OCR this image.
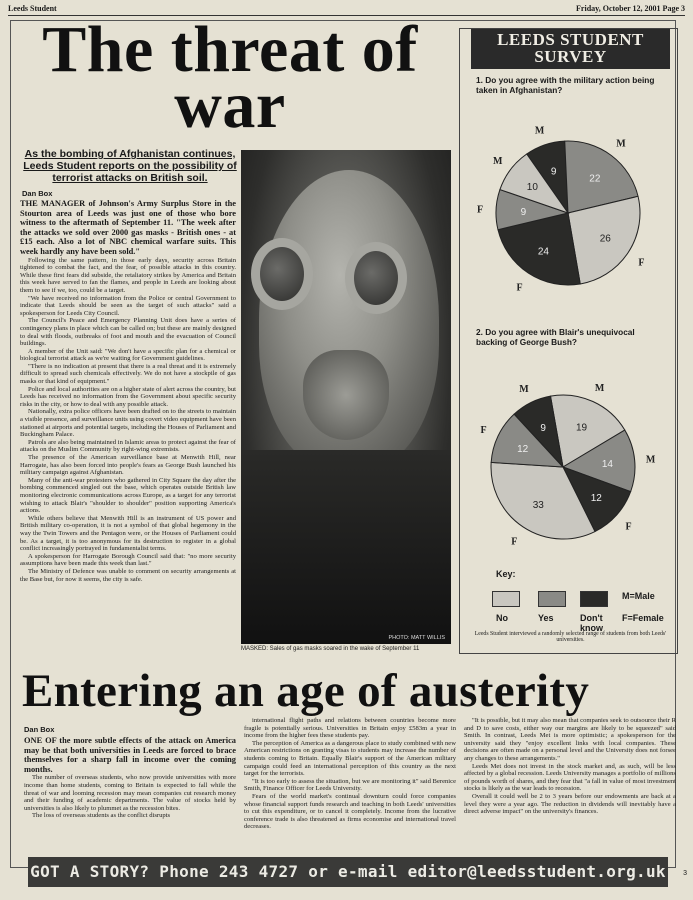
Leeds Student	Friday, October 12, 2001 Page 3
The threat of war
As the bombing of Afghanistan continues, Leeds Student reports on the possibility of terrorist attacks on British soil.
Dan Box

THE MANAGER of Johnson's Army Surplus Store in the Stourton area of Leeds was just one of those who bore witness to the aftermath of September 11. "The week after the attacks we sold over 2000 gas masks - British ones - at £15 each. Also a lot of NBC chemical warfare suits. This week hardly any have been sold."

Following the same pattern, in those early days, security across Britain tightened to combat the fact, and the fear, of possible attacks in this country. While these first fears did subside, the retaliatory strikes by America and Britain this week have served to fan the flames, and people in Leeds are looking about them to see if we, too, could be a target.

"We have received no information from the Police or central Government to indicate that Leeds should be seen as the target of such attacks" said a spokesperson for Leeds City Council.

The Council's Peace and Emergency Planning Unit does have a series of contingency plans in place which can be called on; but these are mainly designed to deal with floods, outbreaks of foot and mouth and the evacuation of Council buildings.

A member of the Unit said: "We don't have a specific plan for a chemical or biological terrorist attack as we're waiting for Government guidelines.

"There is no indication at present that there is a real threat and it is extremely difficult to spread such chemicals effectively. We do not have a stockpile of gas masks or that kind of equipment."

Police and local authorities are on a higher state of alert across the country, but Leeds has received no information from the Government about specific security risks in the city, or how to deal with any possible attack.

Nationally, extra police officers have been drafted on to the streets to maintain a visible presence, and surveillance units using covert video equipment have been stationed at airports and potential targets, including the Houses of Parliament and Buckingham Palace.

Patrols are also being maintained in Islamic areas to protect against the fear of attacks on the Muslim Community by right-wing extremists.

The presence of the American surveillance base at Menwith Hill, near Harrogate, has also been forced into people's fears as George Bush launched his military campaign against Afghanistan.

Many of the anti-war protesters who gathered in City Square the day after the bombing commenced singled out the base, which operates outside British law monitoring electronic communications across Europe, as a target for any terrorist wishing to attack Blair's "shoulder to shoulder" position supporting America's actions.

While others believe that Menwith Hill is an instrument of US power and British military co-operation, it is not a symbol of that global hegemony in the way the Twin Towers and the Pentagon were, or the Houses of Parliament could be. As a target, it is too anonymous for its destruction to register in a global conflict increasingly portrayed in fundamentalist terms.

A spokesperson for Harrogate Borough Council said that: "no more security assumptions have been made this week than last."

The Ministry of Defence was unable to comment on security arrangements at the Base but, for now it seems, the city is safe.

PHOTO: MATT WILLIS
MASKED: Sales of gas masks soared in the wake of September 11
LEEDS STUDENT SURVEY
1. Do you agree with the military action being taken in Afghanistan?
9
M
22
M
26
F
24
F
9
F
10
M
2. Do you agree with Blair's unequivocal backing of George Bush?
19
M
14	M
12
F
33
F
12
F	9
M
Key:
No	Yes	Don't know
M=Male
F=Female
Leeds Student interviewed a randomly selected range of students from both Leeds' universities.
Entering an age of austerity
Dan Box

ONE OF the more subtle effects of the attack on America may be that both universities in Leeds are forced to brace themselves for a sharp fall in income over the coming months.

The number of overseas students, who now provide universities with more income than home students, coming to Britain is expected to fall while the threat of war and looming recession may mean companies cut research money and their funding of academic departments. The value of stocks held by universities is also likely to plummet as the recession bites.

The loss of overseas students as the conflict disrupts

international flight paths and relations between countries become more fragile is potentially serious. Universities in Britain enjoy £583m a year in income from the higher fees these students pay.

The perception of America as a dangerous place to study combined with new American restrictions on granting visas to students may increase the number of students coming to Britain. Equally Blair's support of the American military campaign could feed an international perception of this country as the next target for the terrorists.

"It is too early to assess the situation, but we are monitoring it" said Berenice Smith, Finance Officer for Leeds University.

Fears of the world market's continual downturn could force companies whose financial support funds research and teaching in both Leeds' universities to cut this expenditure, or to cancel it completely. Income from the lucrative conference trade is also threatened as firms economise and international travel decreases.

"It is possible, but it may also mean that companies seek to outsource their R and D to save costs, either way our margins are likely to be squeezed" said Smith. In contrast, Leeds Met is more optimistic; a spokesperson for the university said they "enjoy excellent links with local companies. These decisions are often made on a personal level and the University does not forsee any changes to these arrangements."

Leeds Met does not invest in the stock market and, as such, will be less affected by a global recession. Leeds University manages a portfolio of millions of pounds worth of shares, and they fear that "a fall in value of most investment stocks is likely as the war leads to recession.

Overall it could well be 2 to 3 years before our endowments are back at a level they were a year ago. The reduction in dividends will inevitably have a direct adverse impact" on the university's finances.

GOT A STORY? Phone 243 4727 or e-mail editor@leedsstudent.org.uk	3
